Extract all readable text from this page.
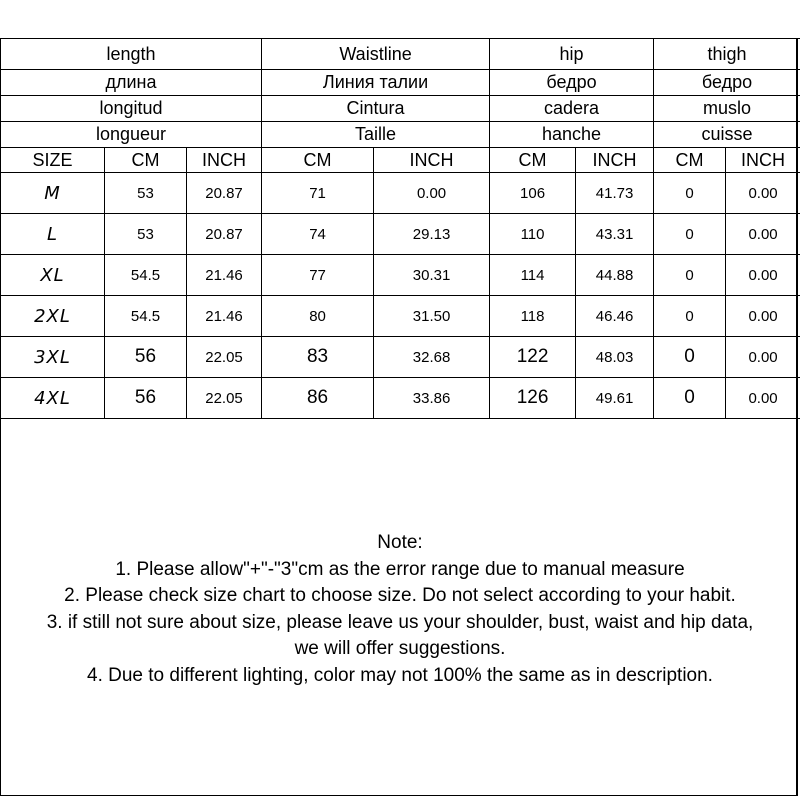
length			Waistline		hip		thigh	
длина			Линия талии		бедро		бедро	
longitud			Cintura		cadera		muslo	
longueur			Taille		hanche		cuisse	
SIZE	CM	INCH	CM	INCH	CM	INCH	CM	INCH
M	53	20.87	71	0.00	106	41.73	0	0.00
L	53	20.87	74	29.13	110	43.31	0	0.00
XL	54.5	21.46	77	30.31	114	44.88	0	0.00
2XL	54.5	21.46	80	31.50	118	46.46	0	0.00
3XL	56	22.05	83	32.68	122	48.03	0	0.00
4XL	56	22.05	86	33.86	126	49.61	0	0.00
Note:
1. Please allow"+"-"3"cm as the error range due to manual measure
2. Please check size chart to choose size. Do not select according to your habit.
3. if still not sure about size, please leave us your shoulder, bust, waist and hip data,
we will offer suggestions.
4. Due to different lighting, color may not 100% the same as in description.
